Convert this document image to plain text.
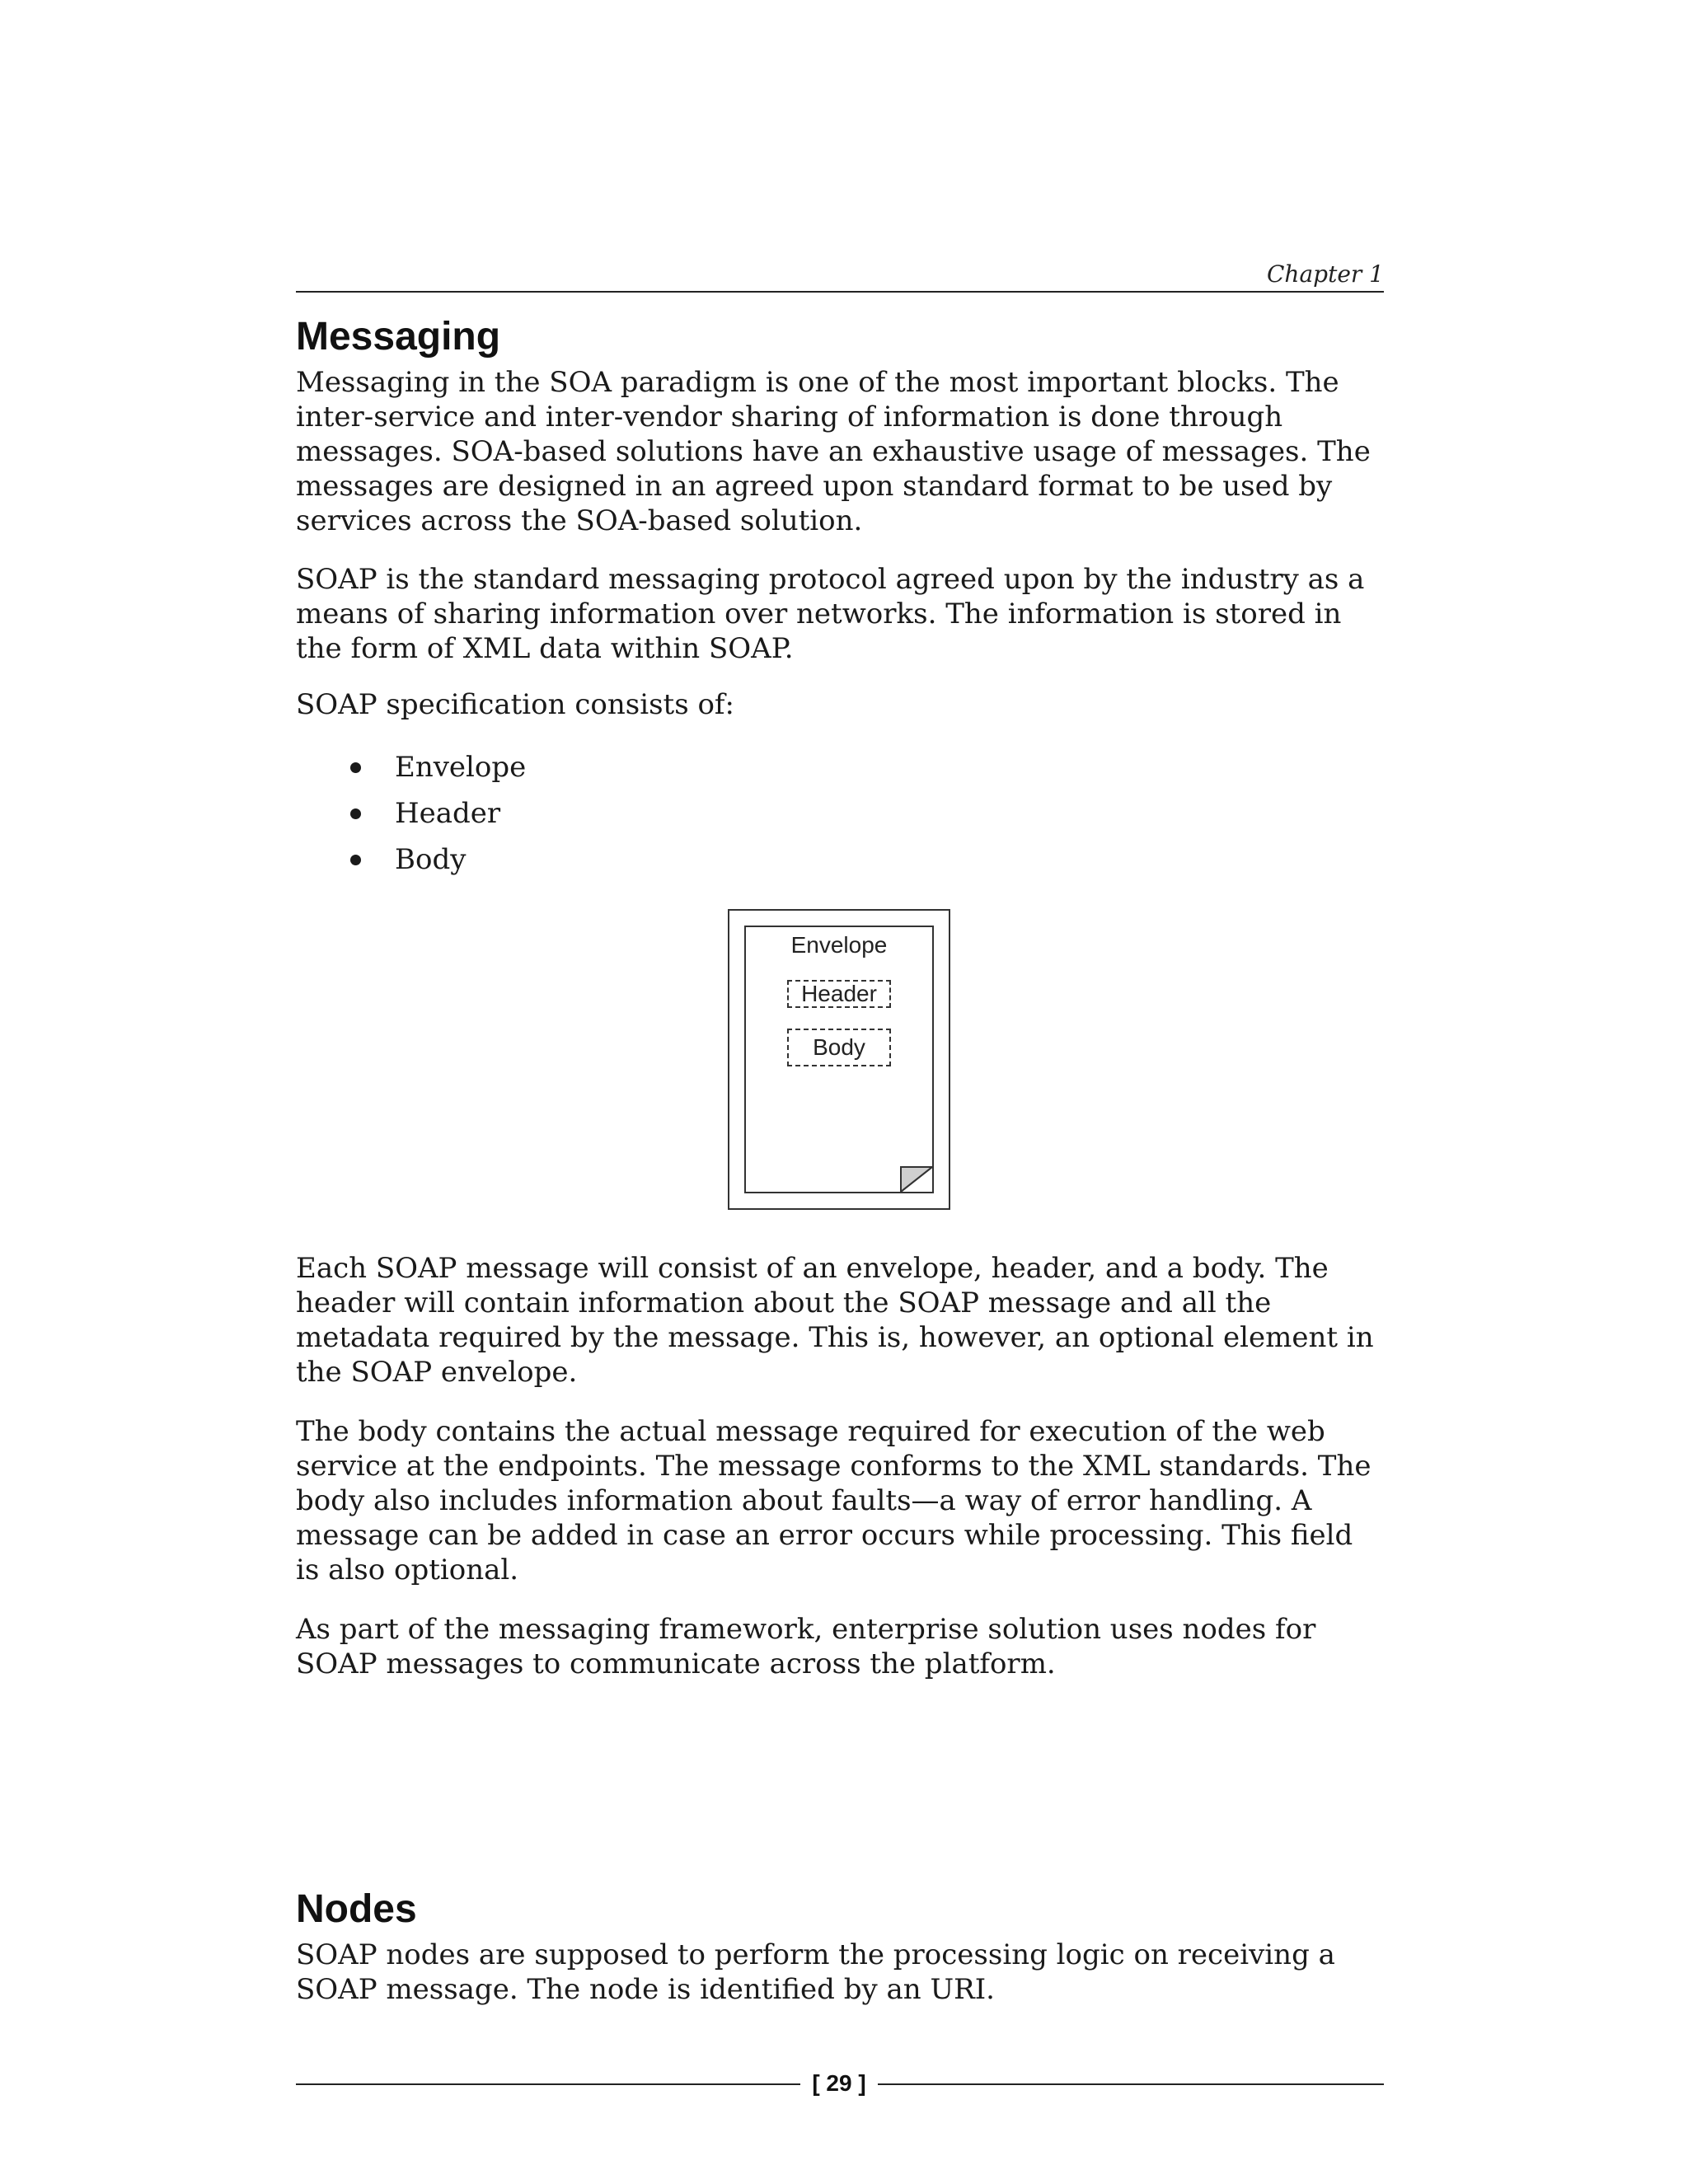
Chapter 1
Messaging

Messaging in the SOA paradigm is one of the most important blocks. The inter-service and inter-vendor sharing of information is done through messages. SOA-based solutions have an exhaustive usage of messages. The messages are designed in an agreed upon standard format to be used by services across the SOA-based solution.

SOAP is the standard messaging protocol agreed upon by the industry as a means of sharing information over networks. The information is stored in the form of XML data within SOAP.

SOAP specification consists of:

Envelope
Header
Body
Envelope
Header
Body

Each SOAP message will consist of an envelope, header, and a body. The header will contain information about the SOAP message and all the metadata required by the message. This is, however, an optional element in the SOAP envelope.

The body contains the actual message required for execution of the web service at the endpoints. The message conforms to the XML standards. The body also includes information about faults—a way of error handling. A message can be added in case an error occurs while processing. This field is also optional.

As part of the messaging framework, enterprise solution uses nodes for SOAP messages to communicate across the platform.

Nodes

SOAP nodes are supposed to perform the processing logic on receiving a SOAP message. The node is identified by an URI.

[ 29 ]
